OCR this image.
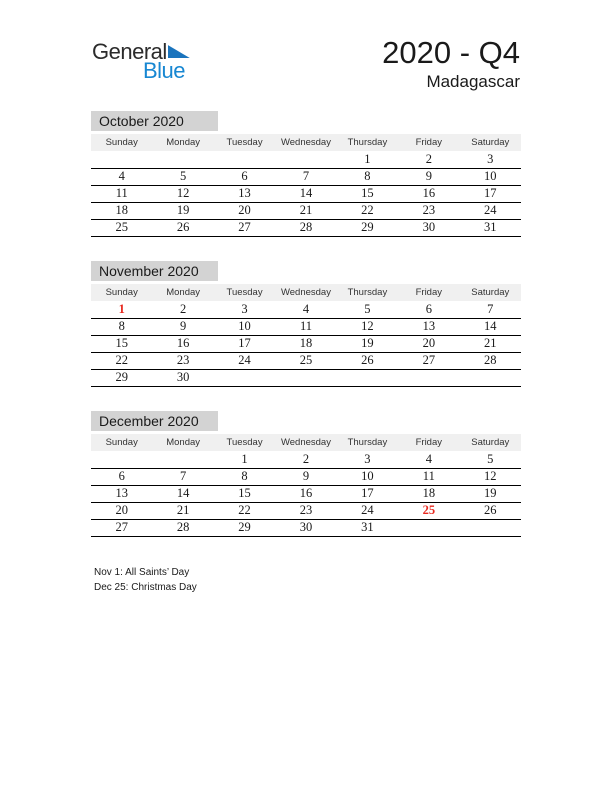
General
Blue
2020 - Q4
Madagascar
October 2020
Sunday	Monday	Tuesday	Wednesday	Thursday	Friday	Saturday
				1	2	3
4	5	6	7	8	9	10
11	12	13	14	15	16	17
18	19	20	21	22	23	24
25	26	27	28	29	30	31
November 2020
Sunday	Monday	Tuesday	Wednesday	Thursday	Friday	Saturday
1	2	3	4	5	6	7
8	9	10	11	12	13	14
15	16	17	18	19	20	21
22	23	24	25	26	27	28
29	30					
December 2020
Sunday	Monday	Tuesday	Wednesday	Thursday	Friday	Saturday
		1	2	3	4	5
6	7	8	9	10	11	12
13	14	15	16	17	18	19
20	21	22	23	24	25	26
27	28	29	30	31		
Nov 1: All Saints’ Day
Dec 25: Christmas Day
